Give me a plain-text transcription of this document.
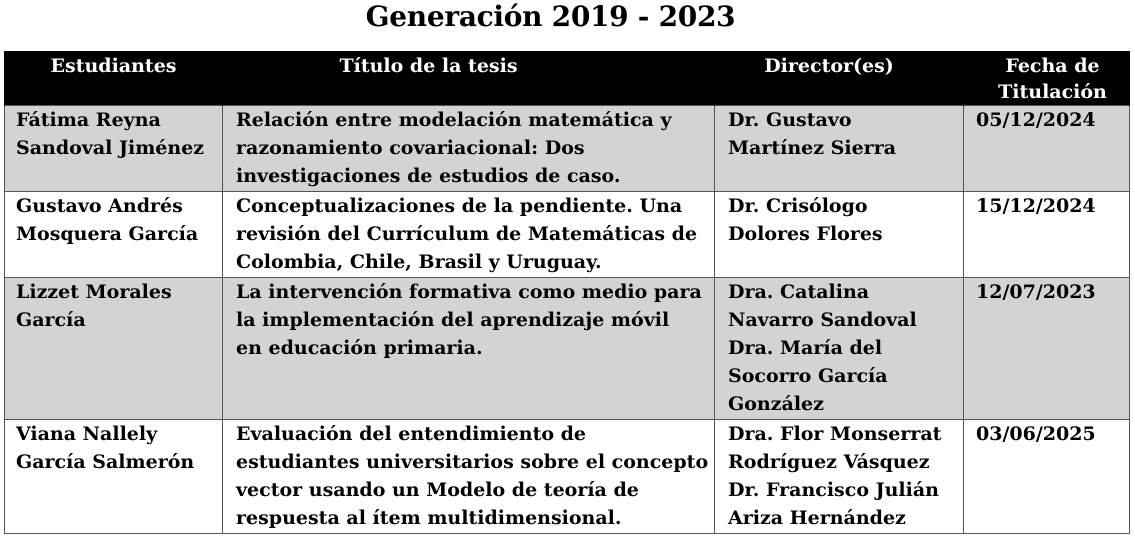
Generación 2019 - 2023
Estudiantes	Título de la tesis	Director(es)	Fecha de
Titulación

Fátima Reyna
Sandoval Jiménez	Relación entre modelación matemática y
razonamiento covariacional: Dos
investigaciones de estudios de caso.	Dr. Gustavo
Martínez Sierra	05/12/2024

Gustavo Andrés
Mosquera García	Conceptualizaciones de la pendiente. Una
revisión del Currículum de Matemáticas de
Colombia, Chile, Brasil y Uruguay.	Dr. Crisólogo
Dolores Flores	15/12/2024

Lizzet Morales
García	La intervención formativa como medio para
la implementación del aprendizaje móvil
en educación primaria.	Dra. Catalina
Navarro Sandoval
Dra. María del
Socorro García
González	12/07/2023

Viana Nallely
García Salmerón	Evaluación del entendimiento de
estudiantes universitarios sobre el concepto
vector usando un Modelo de teoría de
respuesta al ítem multidimensional.	Dra. Flor Monserrat
Rodríguez Vásquez
Dr. Francisco Julián
Ariza Hernández	03/06/2025
